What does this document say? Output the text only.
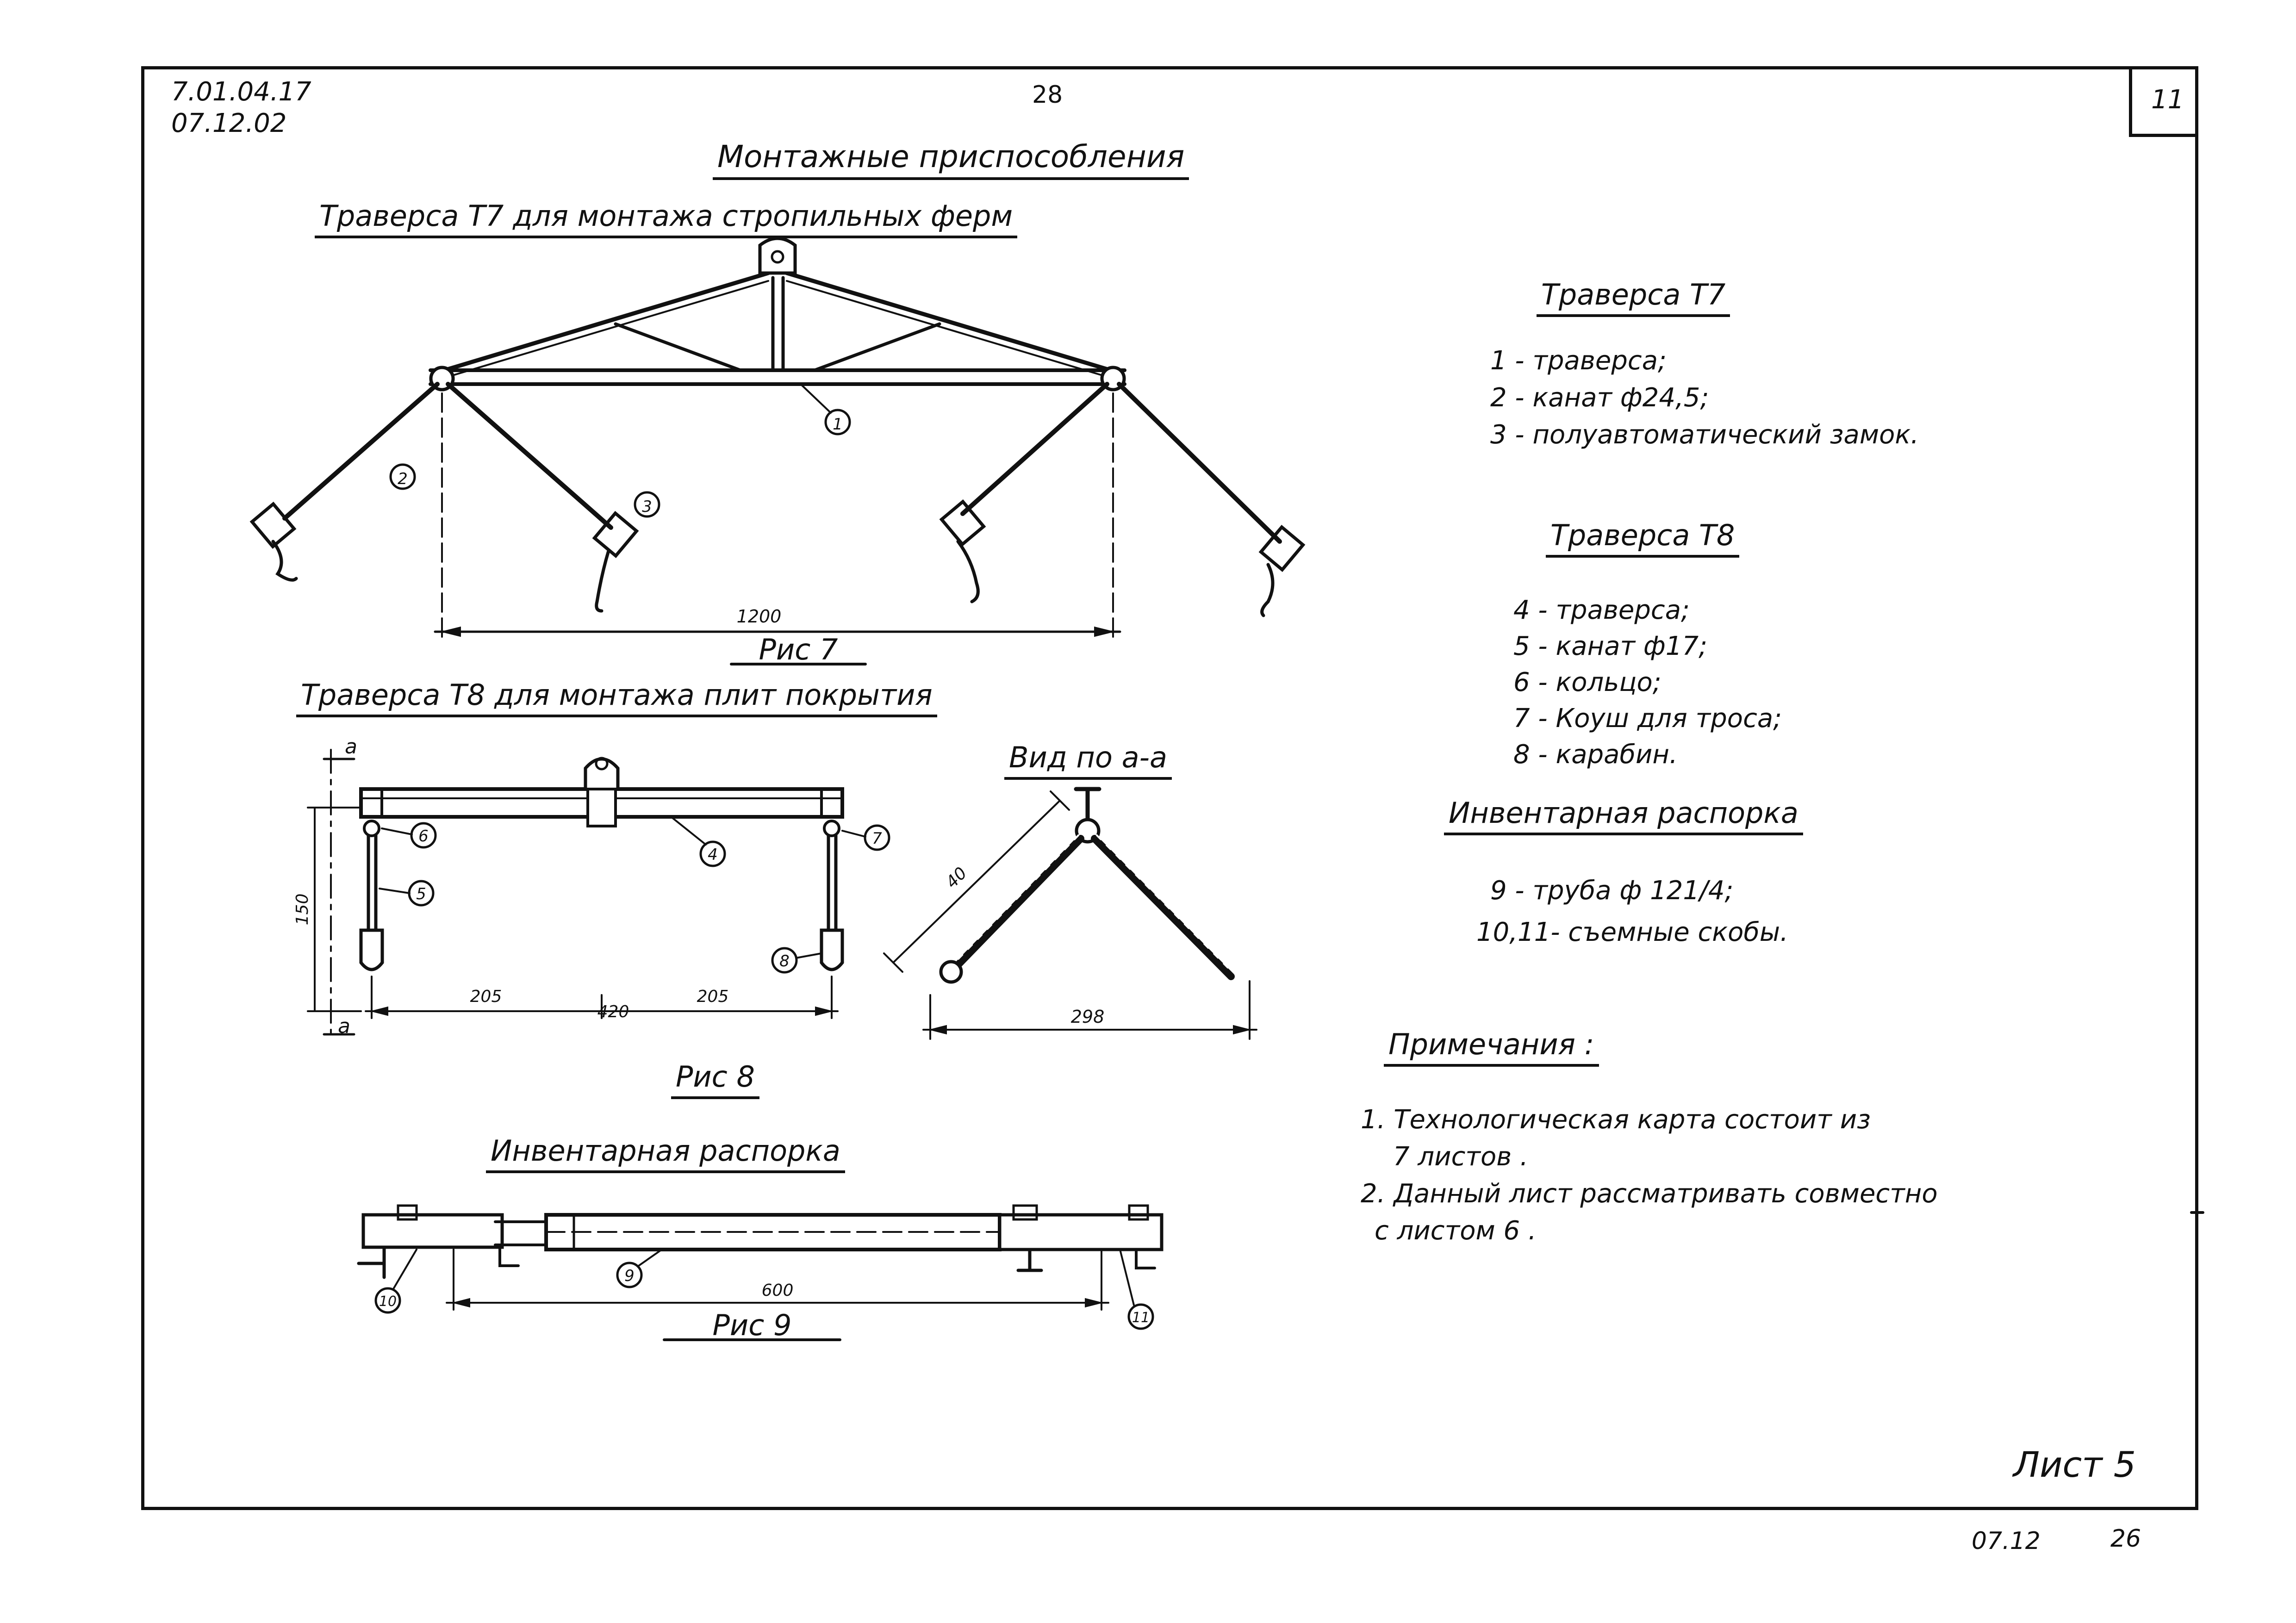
7.01.04.17
07.12.02
28	11
Монтажные приспособления
Траверса Т7 для монтажа стропильных ферм
Траверса Т8 для монтажа плит покрытия
Вид по а-а
Рис 8
Инвентарная распорка
1
2
3
1200
Рис 7
а
а
150
205
420
205
4
5
6	7
8
298
40
600
Рис 9
9
10
11
Траверса Т7
1 - траверса;
2 - канат ф24,5;
3 - полуавтоматический замок.
Траверса Т8
4 - траверса;
5 - канат ф17;
6 - кольцо;
7 - Коуш для троса;
8 - карабин.
Инвентарная распорка
9 - труба ф 121/4;
10,11- съемные скобы.
Примечания :
1. Технологическая карта состоит из
7 листов .
2. Данный лист рассматривать совместно
с листом 6 .
Лист 5
07.12	26
